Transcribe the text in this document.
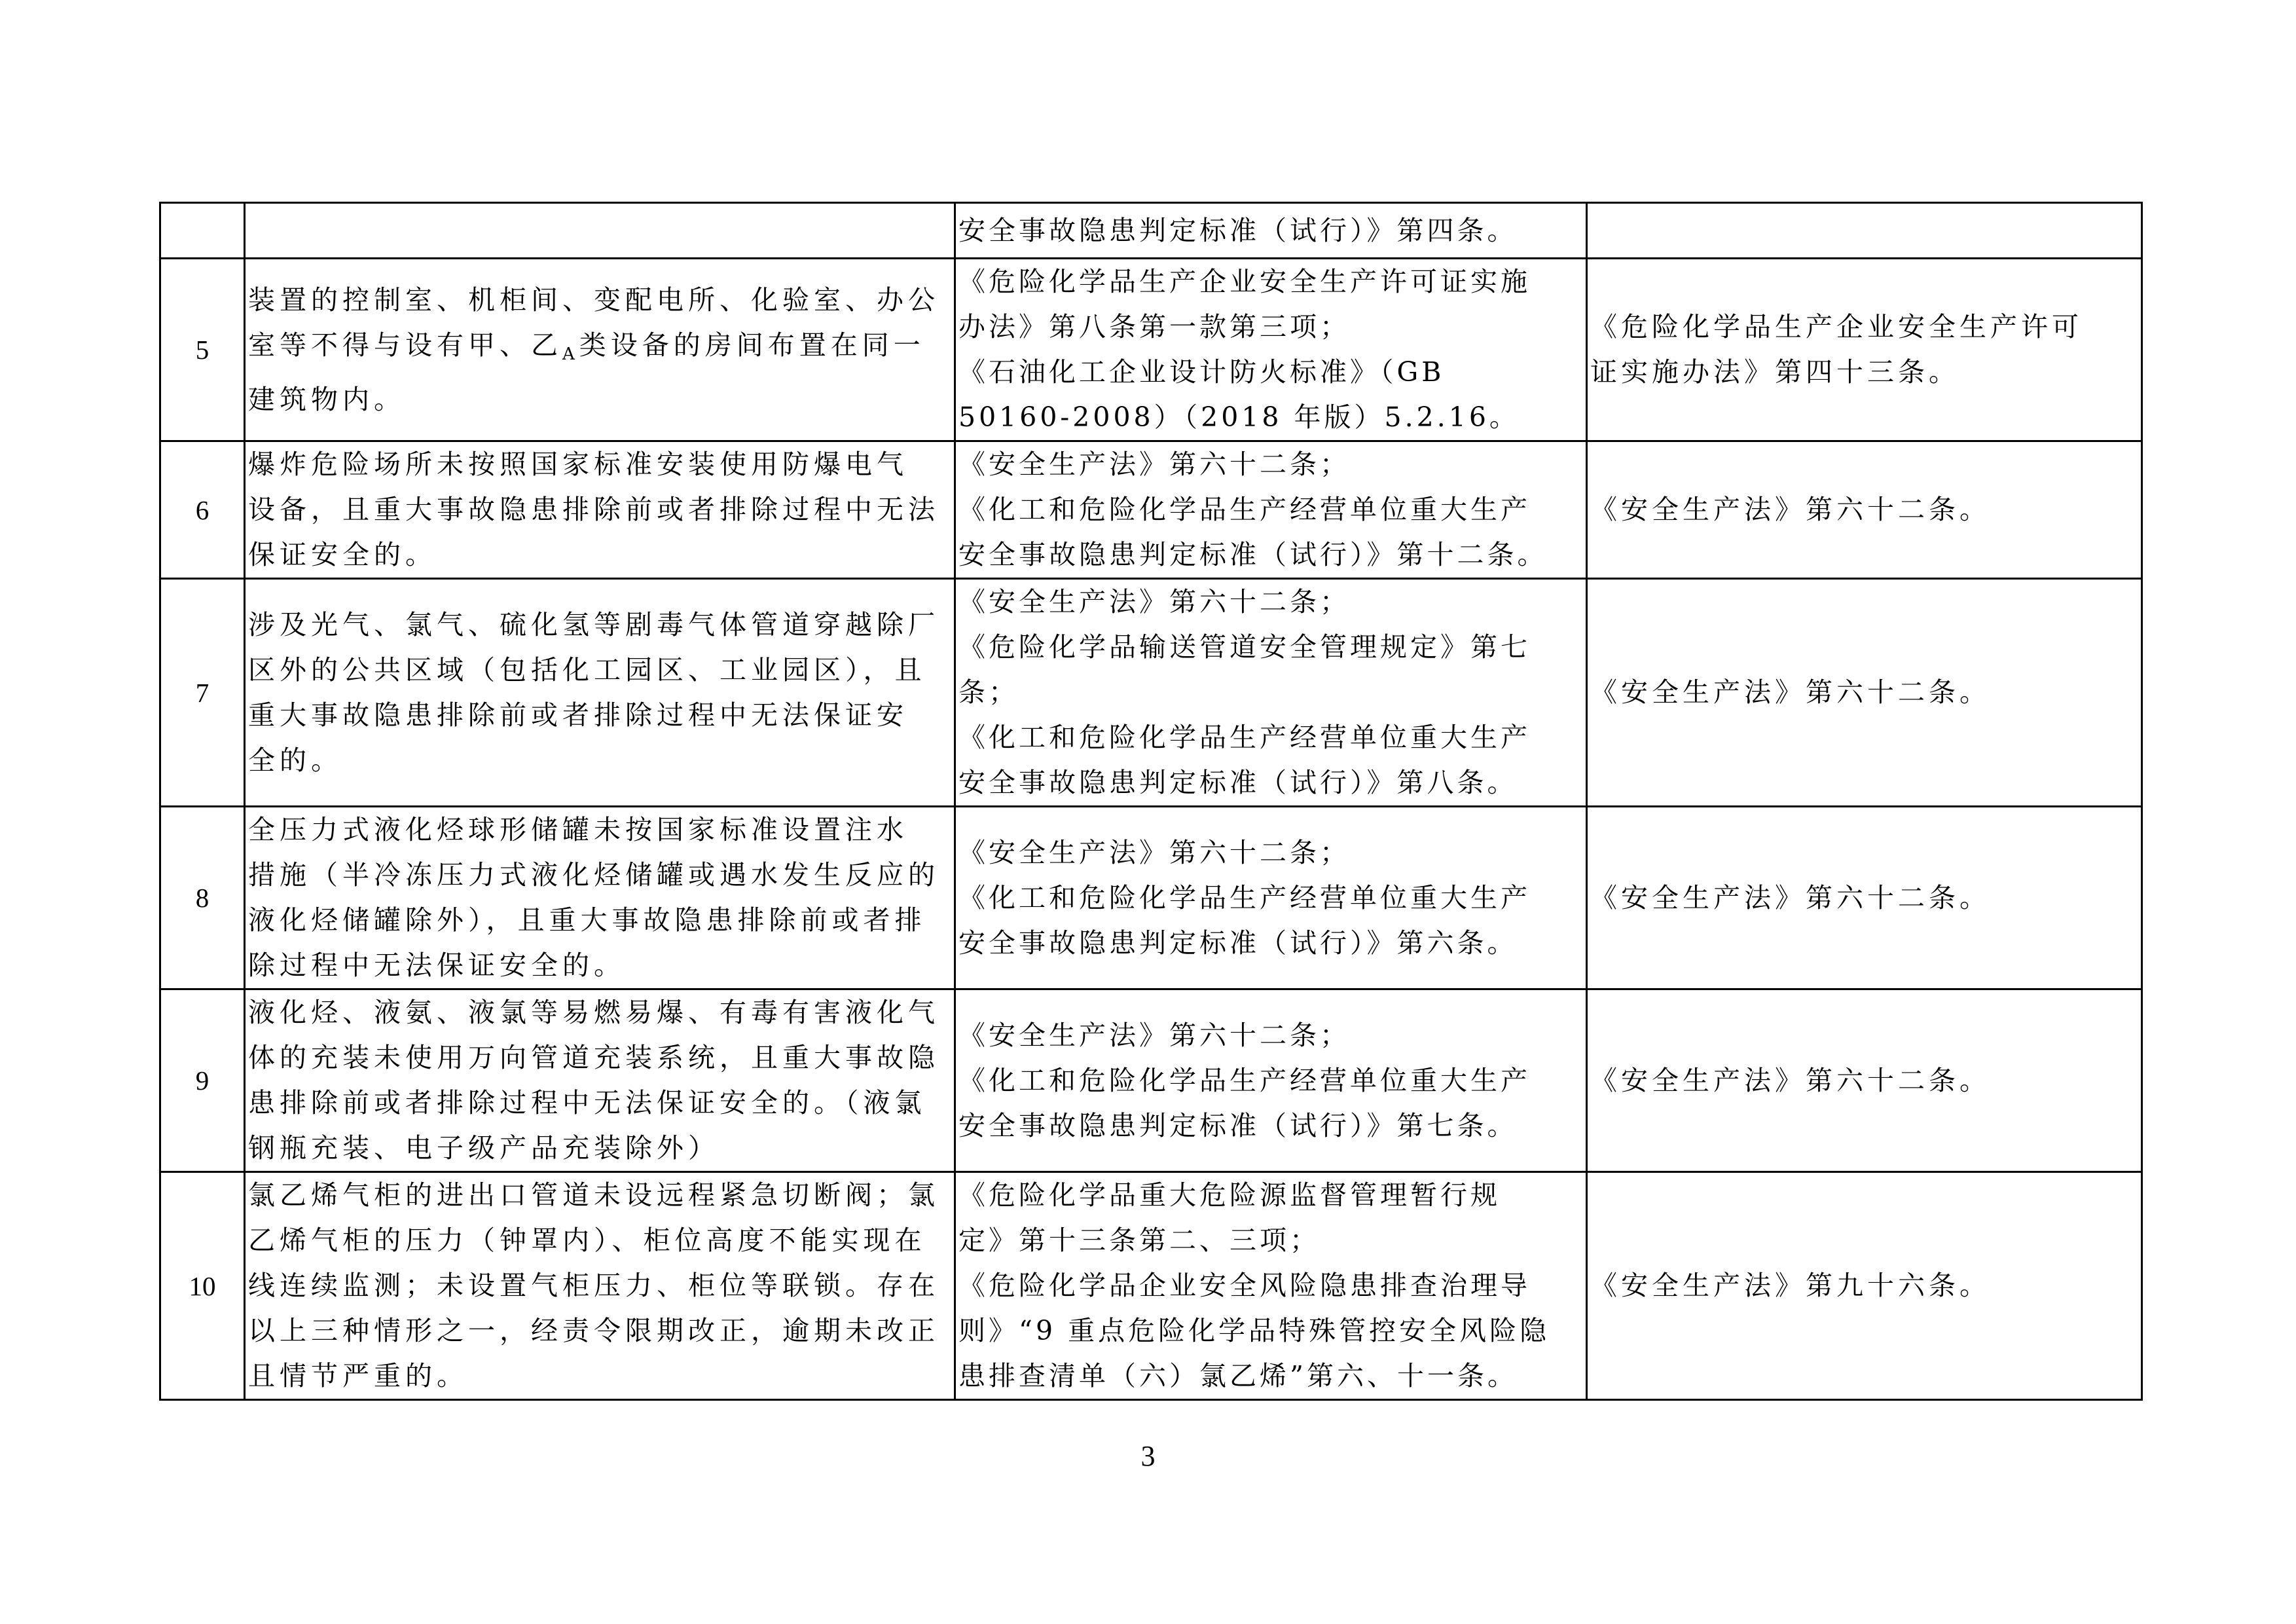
		安全事故隐患判定标准（试行）》第四条。	

5	装置的控制室、机柜间、变配电所、化验室、办公
室等不得与设有甲、乙$_A$类设备的房间布置在同一
建筑物内。	《危险化学品生产企业安全生产许可证实施
办法》第八条第一款第三项；
《石油化工企业设计防火标准》（GB
50160-2008）（2018 年版）5.2.16。	《危险化学品生产企业安全生产许可
证实施办法》第四十三条。

6	爆炸危险场所未按照国家标准安装使用防爆电气
设备，且重大事故隐患排除前或者排除过程中无法
保证安全的。	《安全生产法》第六十二条；
《化工和危险化学品生产经营单位重大生产
安全事故隐患判定标准（试行）》第十二条。	《安全生产法》第六十二条。

7	涉及光气、氯气、硫化氢等剧毒气体管道穿越除厂
区外的公共区域（包括化工园区、工业园区），且
重大事故隐患排除前或者排除过程中无法保证安
全的。	《安全生产法》第六十二条；
《危险化学品输送管道安全管理规定》第七
条；
《化工和危险化学品生产经营单位重大生产
安全事故隐患判定标准（试行）》第八条。	《安全生产法》第六十二条。

8	全压力式液化烃球形储罐未按国家标准设置注水
措施（半冷冻压力式液化烃储罐或遇水发生反应的
液化烃储罐除外），且重大事故隐患排除前或者排
除过程中无法保证安全的。	《安全生产法》第六十二条；
《化工和危险化学品生产经营单位重大生产
安全事故隐患判定标准（试行）》第六条。	《安全生产法》第六十二条。

9	液化烃、液氨、液氯等易燃易爆、有毒有害液化气
体的充装未使用万向管道充装系统，且重大事故隐
患排除前或者排除过程中无法保证安全的。（液氯
钢瓶充装、电子级产品充装除外）	《安全生产法》第六十二条；
《化工和危险化学品生产经营单位重大生产
安全事故隐患判定标准（试行）》第七条。	《安全生产法》第六十二条。

10	氯乙烯气柜的进出口管道未设远程紧急切断阀；氯
乙烯气柜的压力（钟罩内）、柜位高度不能实现在
线连续监测；未设置气柜压力、柜位等联锁。存在
以上三种情形之一，经责令限期改正，逾期未改正
且情节严重的。	《危险化学品重大危险源监督管理暂行规
定》第十三条第二、三项；
《危险化学品企业安全风险隐患排查治理导
则》“9 重点危险化学品特殊管控安全风险隐
患排查清单（六）氯乙烯”第六、十一条。	《安全生产法》第九十六条。
3
